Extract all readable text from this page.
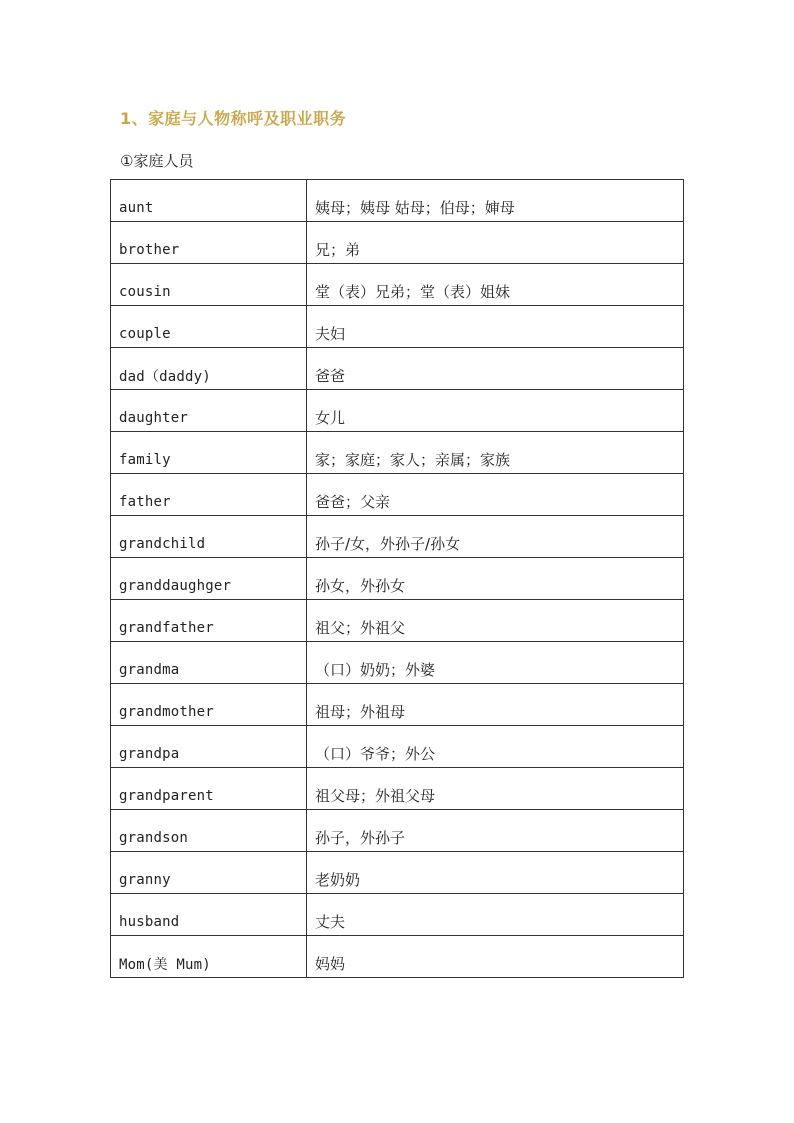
1、家庭与人物称呼及职业职务
①家庭人员
aunt	姨母；姨母 姑母；伯母；婶母
brother	兄；弟
cousin	堂（表）兄弟；堂（表）姐妹
couple	夫妇
dad（daddy)	爸爸
daughter	女儿
family	家；家庭；家人；亲属；家族
father	爸爸；父亲
grandchild	孙子/女，外孙子/孙女
granddaughger	孙女，外孙女
grandfather	祖父；外祖父
grandma	（口）奶奶；外婆
grandmother	祖母；外祖母
grandpa	（口）爷爷；外公
grandparent	祖父母；外祖父母
grandson	孙子，外孙子
granny	老奶奶
husband	丈夫
Mom(美 Mum)	妈妈
